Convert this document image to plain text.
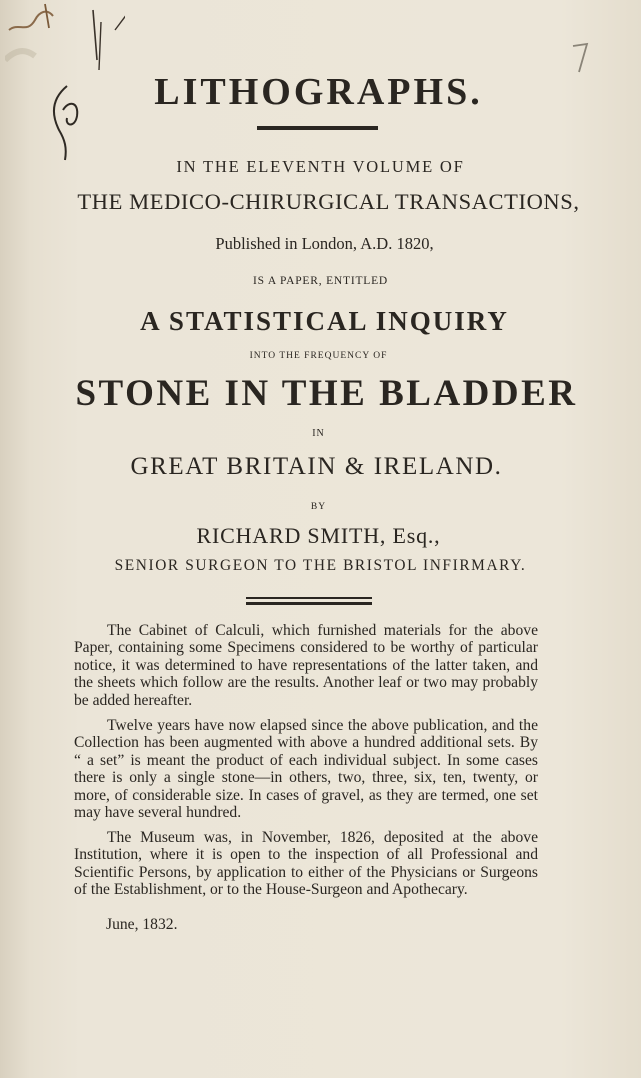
LITHOGRAPHS.
IN THE ELEVENTH VOLUME OF
THE MEDICO-CHIRURGICAL TRANSACTIONS,
Published in London, A.D. 1820,
IS A PAPER, ENTITLED
A STATISTICAL INQUIRY
INTO THE FREQUENCY OF
STONE IN THE BLADDER
IN
GREAT BRITAIN & IRELAND.
BY
RICHARD SMITH, Esq.,
SENIOR SURGEON TO THE BRISTOL INFIRMARY.

The Cabinet of Calculi, which furnished materials for the above Paper, containing some Specimens considered to be worthy of particular notice, it was determined to have representations of the latter taken, and the sheets which follow are the results. Another leaf or two may probably be added hereafter.

Twelve years have now elapsed since the above publication, and the Collection has been augmented with above a hundred additional sets. By “ a set” is meant the product of each individual subject. In some cases there is only a single stone—in others, two, three, six, ten, twenty, or more, of considerable size. In cases of gravel, as they are termed, one set may have several hundred.

The Museum was, in November, 1826, deposited at the above Institution, where it is open to the inspection of all Professional and Scientific Persons, by application to either of the Physicians or Surgeons of the Establishment, or to the House-Surgeon and Apothecary.

June, 1832.
